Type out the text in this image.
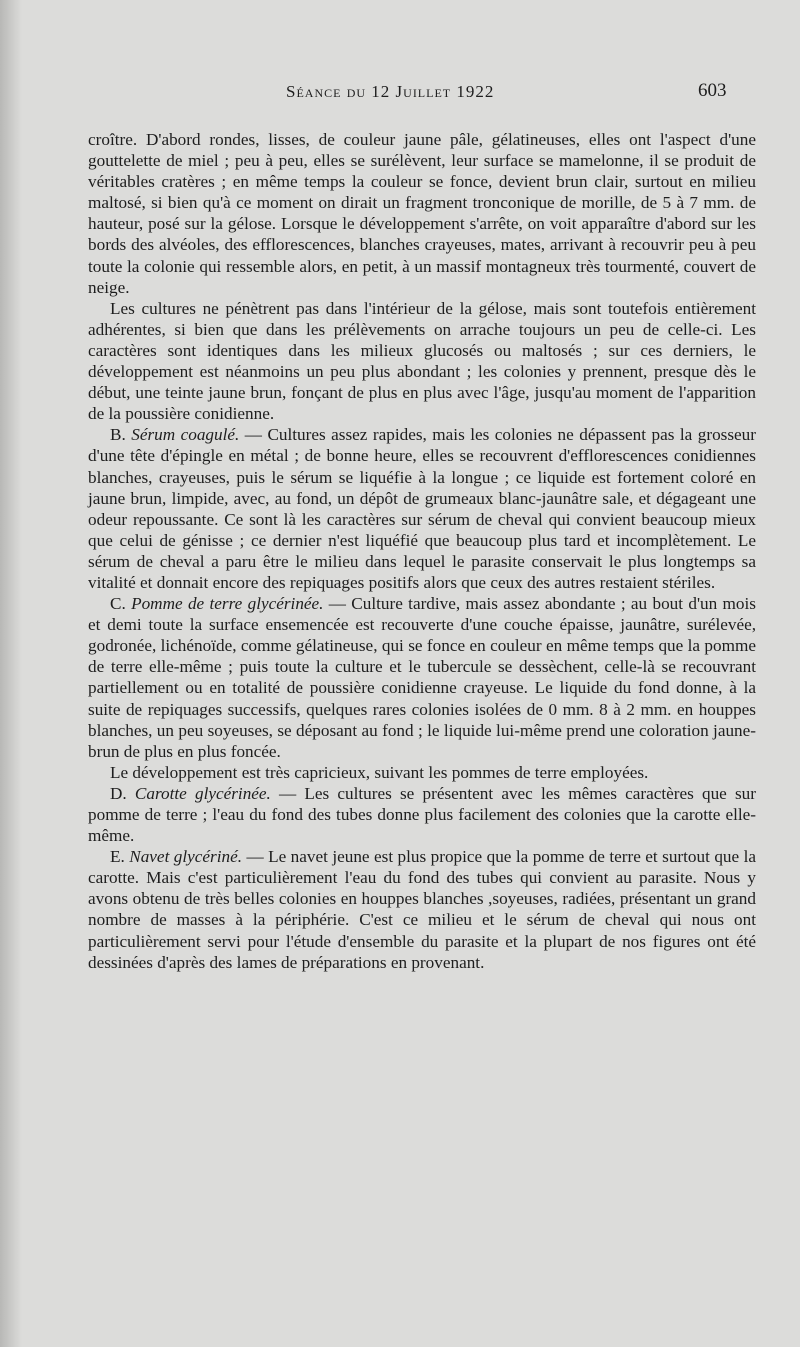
Séance du 12 Juillet 1922	603

croître. D'abord rondes, lisses, de couleur jaune pâle, gélatineuses, elles ont l'aspect d'une gouttelette de miel ; peu à peu, elles se surélèvent, leur surface se mamelonne, il se produit de véritables cratères ; en même temps la couleur se fonce, devient brun clair, surtout en milieu maltosé, si bien qu'à ce moment on dirait un fragment tronconique de morille, de 5 à 7 mm. de hauteur, posé sur la gélose. Lorsque le développement s'arrête, on voit apparaître d'abord sur les bords des alvéoles, des efflorescences, blanches crayeuses, mates, arrivant à recouvrir peu à peu toute la colonie qui ressemble alors, en petit, à un massif montagneux très tourmenté, couvert de neige.

Les cultures ne pénètrent pas dans l'intérieur de la gélose, mais sont toutefois entièrement adhérentes, si bien que dans les prélèvements on arrache toujours un peu de celle-ci. Les caractères sont identiques dans les milieux glucosés ou maltosés ; sur ces derniers, le développement est néanmoins un peu plus abondant ; les colonies y prennent, presque dès le début, une teinte jaune brun, fonçant de plus en plus avec l'âge, jusqu'au moment de l'apparition de la poussière conidienne.

B. Sérum coagulé. — Cultures assez rapides, mais les colonies ne dépassent pas la grosseur d'une tête d'épingle en métal ; de bonne heure, elles se recouvrent d'efflorescences conidiennes blanches, crayeuses, puis le sérum se liquéfie à la longue ; ce liquide est fortement coloré en jaune brun, limpide, avec, au fond, un dépôt de grumeaux blanc-jaunâtre sale, et dégageant une odeur repoussante. Ce sont là les caractères sur sérum de cheval qui convient beaucoup mieux que celui de génisse ; ce dernier n'est liquéfié que beaucoup plus tard et incomplètement. Le sérum de cheval a paru être le milieu dans lequel le parasite conservait le plus longtemps sa vitalité et donnait encore des repiquages positifs alors que ceux des autres restaient stériles.

C. Pomme de terre glycérinée. — Culture tardive, mais assez abondante ; au bout d'un mois et demi toute la surface ensemencée est recouverte d'une couche épaisse, jaunâtre, surélevée, godronée, lichénoïde, comme gélatineuse, qui se fonce en couleur en même temps que la pomme de terre elle-même ; puis toute la culture et le tubercule se dessèchent, celle-là se recouvrant partiellement ou en totalité de poussière conidienne crayeuse. Le liquide du fond donne, à la suite de repiquages successifs, quelques rares colonies isolées de 0 mm. 8 à 2 mm. en houppes blanches, un peu soyeuses, se déposant au fond ; le liquide lui-même prend une coloration jaune-brun de plus en plus foncée.

Le développement est très capricieux, suivant les pommes de terre employées.

D. Carotte glycérinée. — Les cultures se présentent avec les mêmes caractères que sur pomme de terre ; l'eau du fond des tubes donne plus facilement des colonies que la carotte elle-même.

E. Navet glycériné. — Le navet jeune est plus propice que la pomme de terre et surtout que la carotte. Mais c'est particulièrement l'eau du fond des tubes qui convient au parasite. Nous y avons obtenu de très belles colonies en houppes blanches ,soyeuses, radiées, présentant un grand nombre de masses à la périphérie. C'est ce milieu et le sérum de cheval qui nous ont particulièrement servi pour l'étude d'ensemble du parasite et la plupart de nos figures ont été dessinées d'après des lames de préparations en provenant.
